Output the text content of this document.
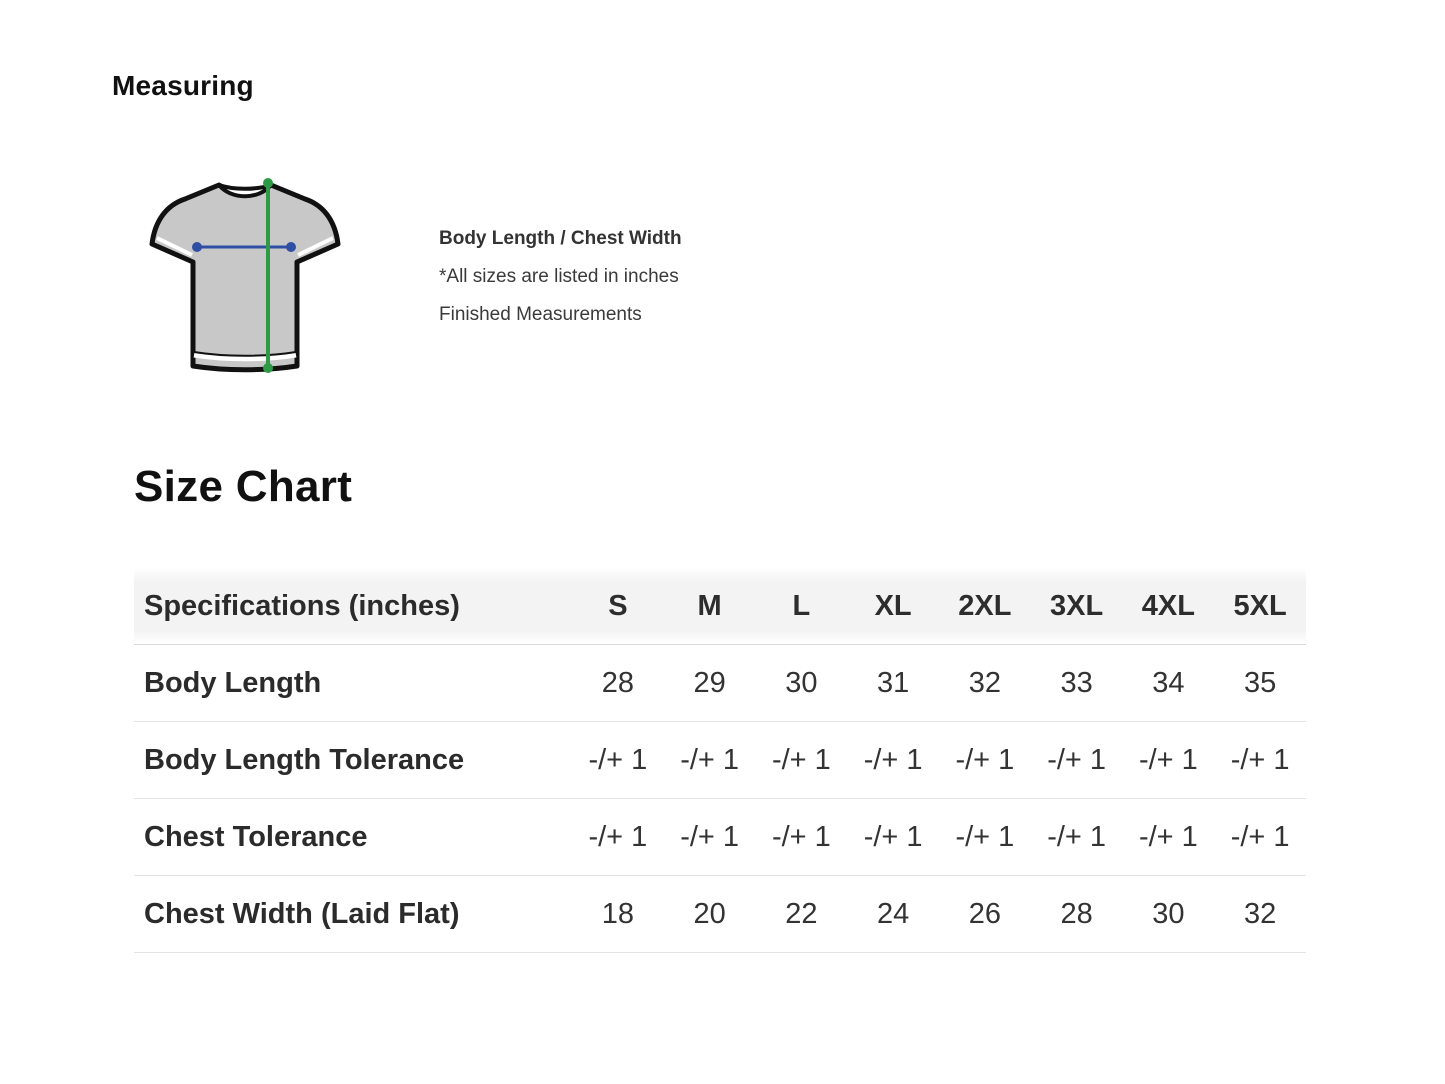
Measuring
Body Length / Chest Width
*All sizes are listed in inches
Finished Measurements
Size Chart
Specifications (inches)	S	M	L	XL	2XL	3XL	4XL	5XL
Body Length	28	29	30	31	32	33	34	35
Body Length Tolerance	-/+ 1	-/+ 1	-/+ 1	-/+ 1	-/+ 1	-/+ 1	-/+ 1	-/+ 1
Chest Tolerance	-/+ 1	-/+ 1	-/+ 1	-/+ 1	-/+ 1	-/+ 1	-/+ 1	-/+ 1
Chest Width (Laid Flat)	18	20	22	24	26	28	30	32
